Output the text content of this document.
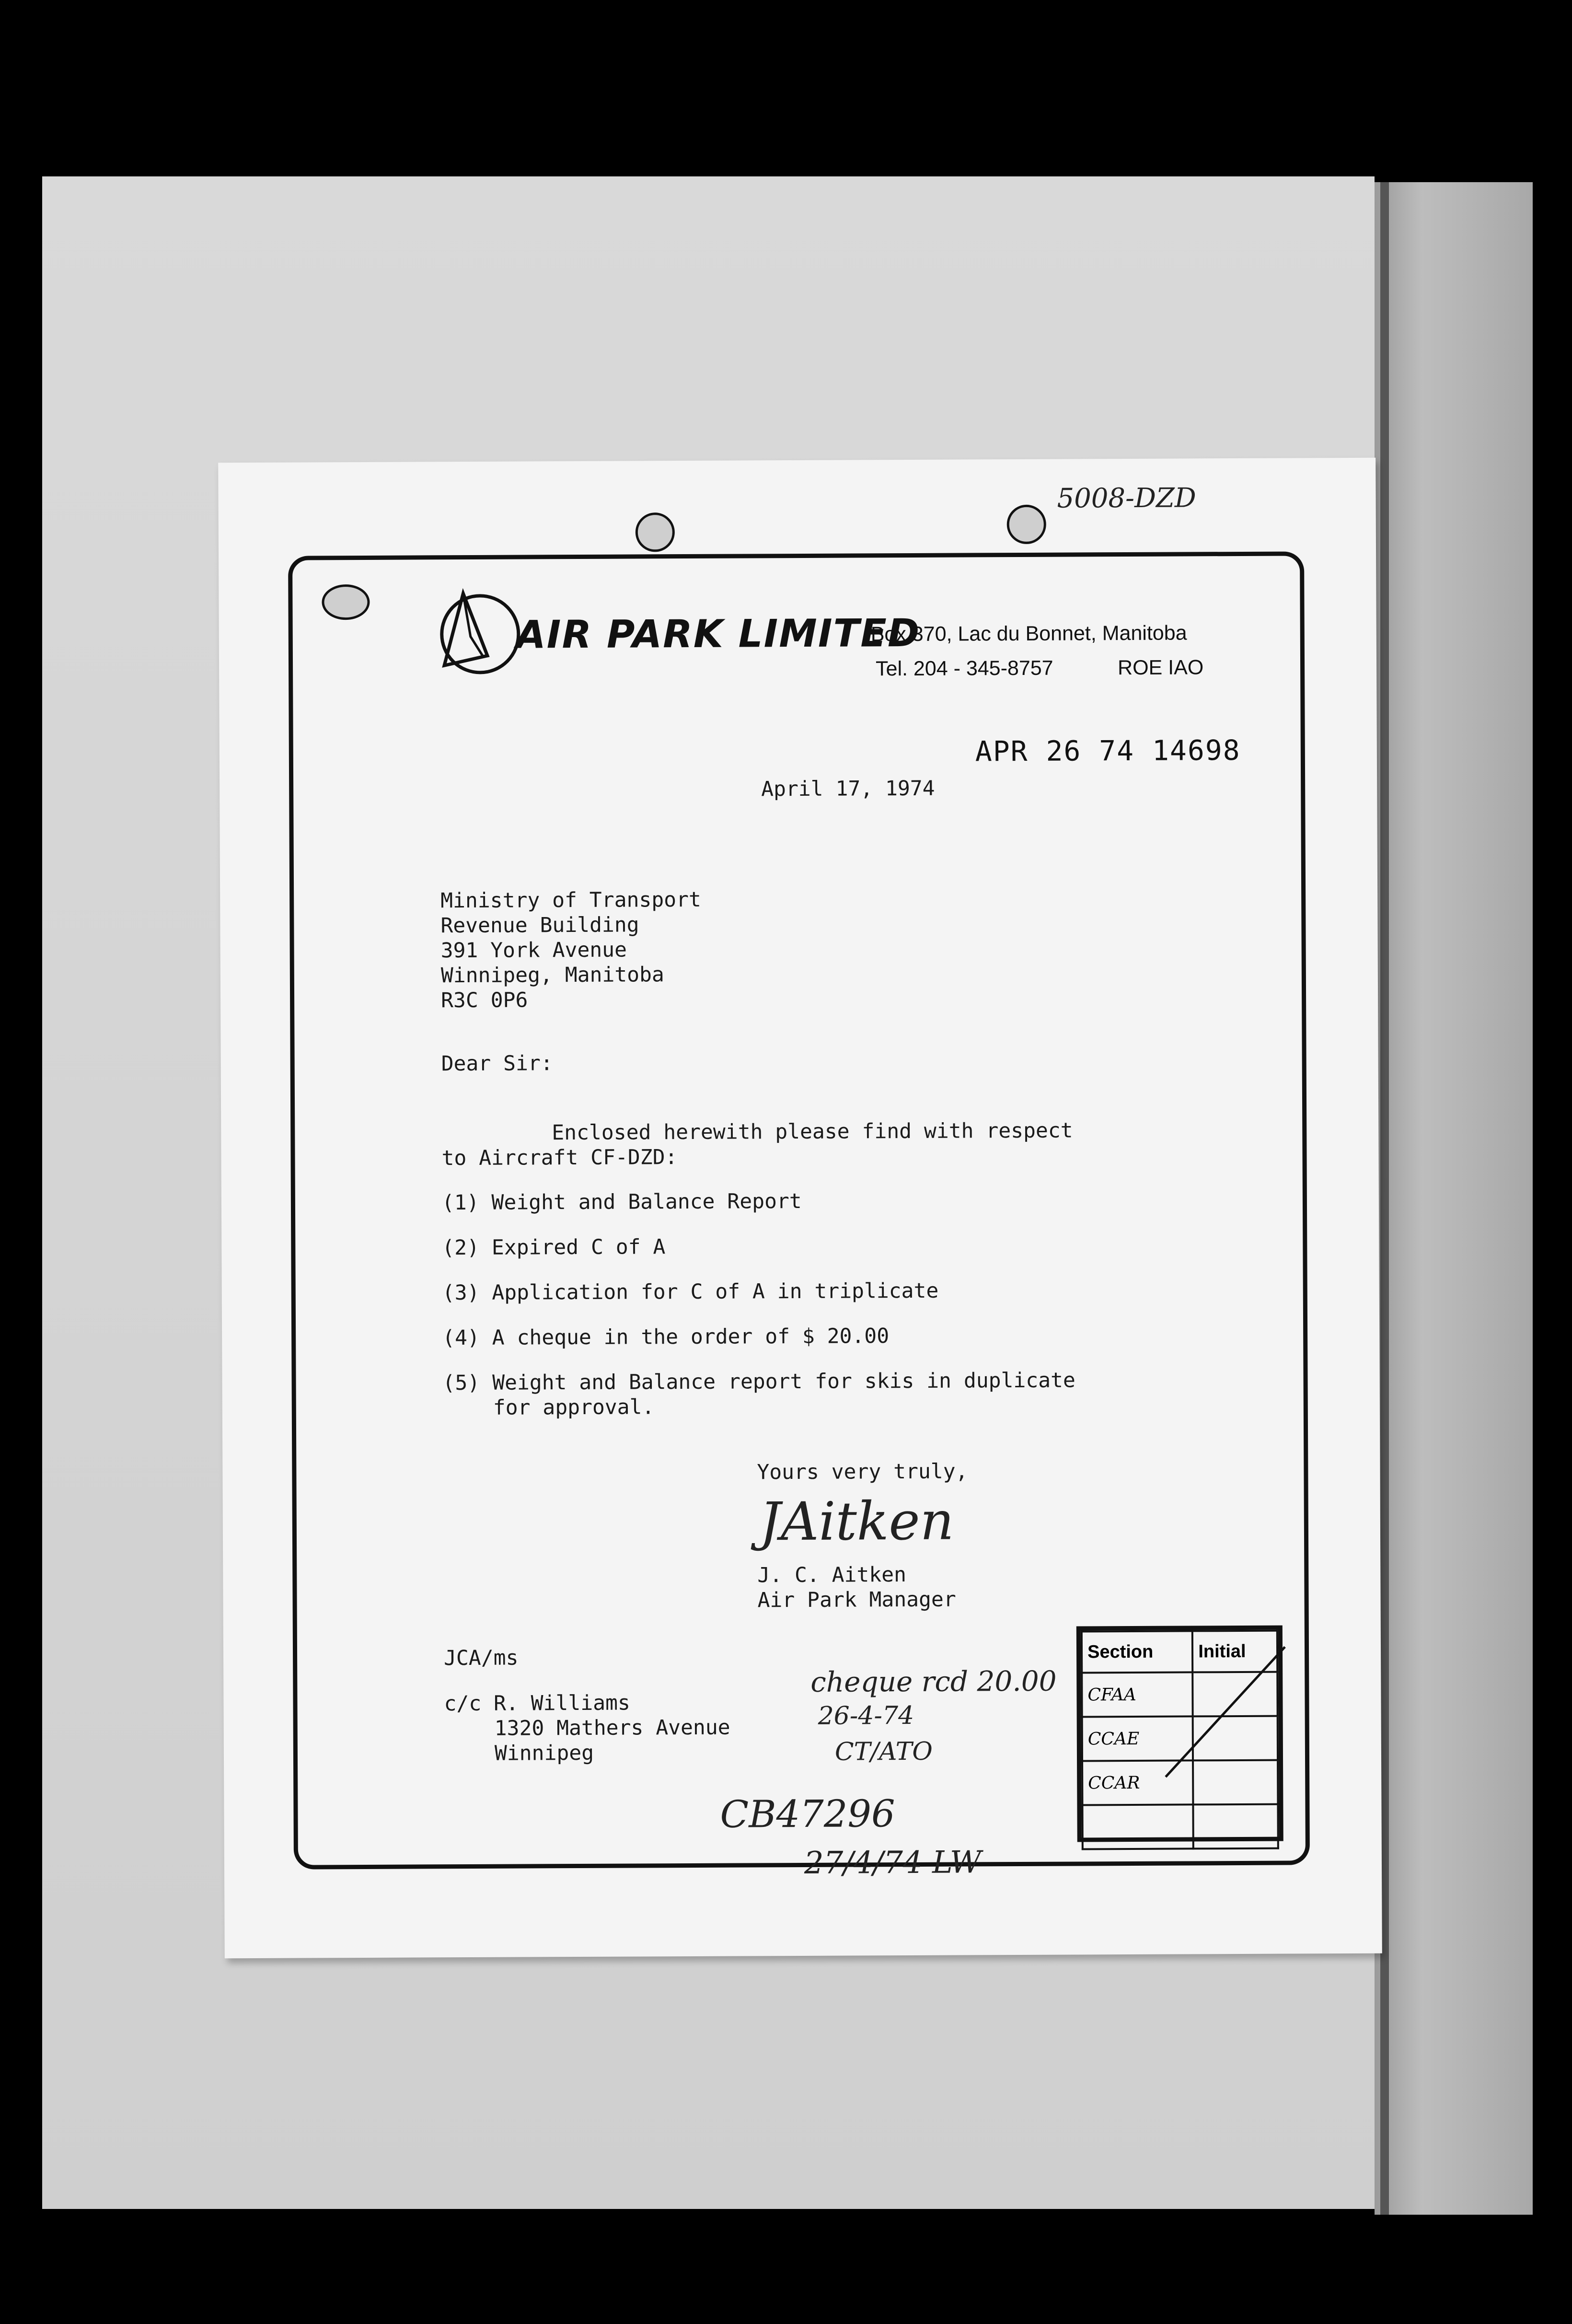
5008-DZD
AIR PARK LIMITED
Box 370, Lac du Bonnet, Manitoba
Tel. 204 - 345-8757	ROE IAO
APR 26 74 14698
April 17, 1974
Ministry of Transport
Revenue Building
391 York Avenue
Winnipeg, Manitoba
R3C 0P6
Dear Sir:
Enclosed herewith please find with respect
to Aircraft CF-DZD:
(1) Weight and Balance Report
(2) Expired C of A
(3) Application for C of A in triplicate
(4) A cheque in the order of $ 20.00
(5) Weight and Balance report for skis in duplicate
for approval.
Yours very truly,
JAitken
J. C. Aitken
Air Park Manager
JCA/ms
c/c R. Williams
1320 Mathers Avenue
Winnipeg
cheque rcd 20.00
26-4-74
CT/ATO
CB47296
27/4/74 LW
Section	Initial
CFAA	
CCAE	
CCAR	
